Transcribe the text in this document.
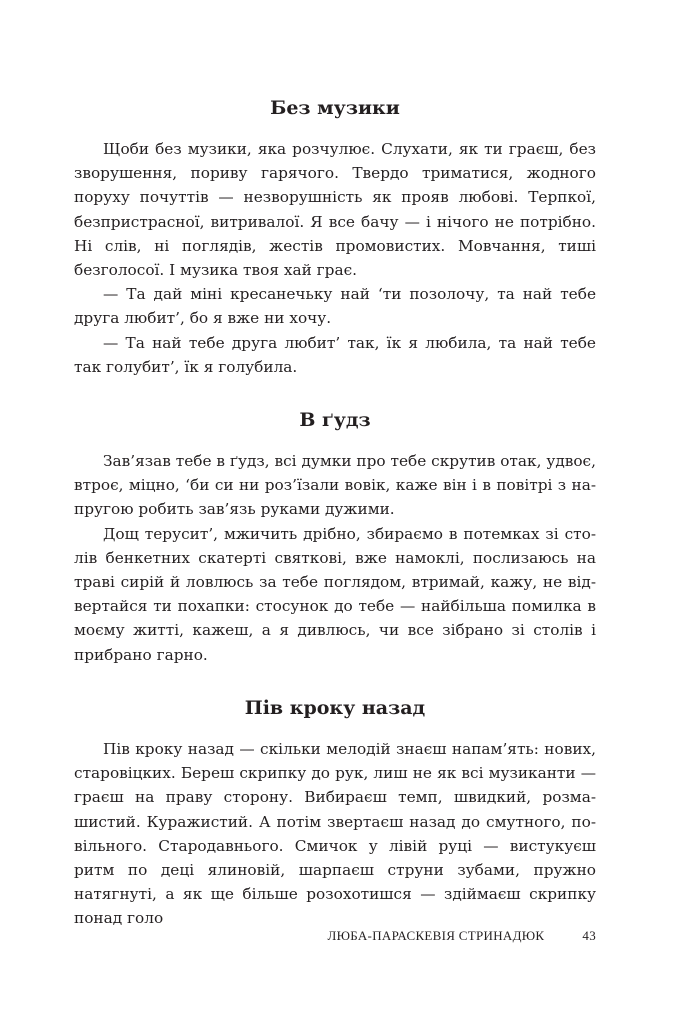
Без музики

Щоби без музики, яка розчулює. Слухати, як ти граєш, без зворушення, пориву гарячого. Твердо триматися, жодного поруху почуттів — незворушність як прояв любові. Терпкої, безпристрасної, витривалої. Я все бачу — і нічого не потрібно. Ні слів, ні поглядів, жестів промовистих. Мовчання, тиші безголосої. І музика твоя хай грає.

— Та дай міні кресанечьку най ‘ти позолочу, та най тебе друга любит’, бо я вже ни хочу.

— Та най тебе друга любит’ так, їк я любила, та най тебе так голубит’, їк я голубила.

В ґудз

Зав’язав тебе в ґудз, всі думки про тебе скрутив отак, удвоє, втроє, міцно, ‘би си ни роз’їзали вовік, каже він і в повітрі з напругою робить зав’язь руками дужими.

Дощ терусит’, мжичить дрібно, збираємо в потемках зі столів бенкетних скатерті святкові, вже намоклі, послизаюсь на траві сирій й ловлюсь за тебе поглядом, втримай, кажу, не відвертайся ти похапки: стосунок до тебе — найбільша помилка в моєму житті, кажеш, а я дивлюсь, чи все зібрано зі столів і прибрано гарно.

Пів кроку назад

Пів кроку назад — скільки мелодій знаєш напам’ять: нових, старовіцких. Береш скрипку до рук, лиш не як всі музиканти — граєш на праву сторону. Вибираєш темп, швидкий, розмашистий. Куражистий. А потім звертаєш назад до смутного, повільного. Стародавнього. Смичок у лівій руці — вистукуєш ритм по деці ялиновій, шарпаєш струни зубами, пружно натягнуті, а як ще більше розохотишся — здіймаєш скрипку понад голо

ЛЮБА-ПАРАСКЕВІЯ СТРИНАДЮК	43
